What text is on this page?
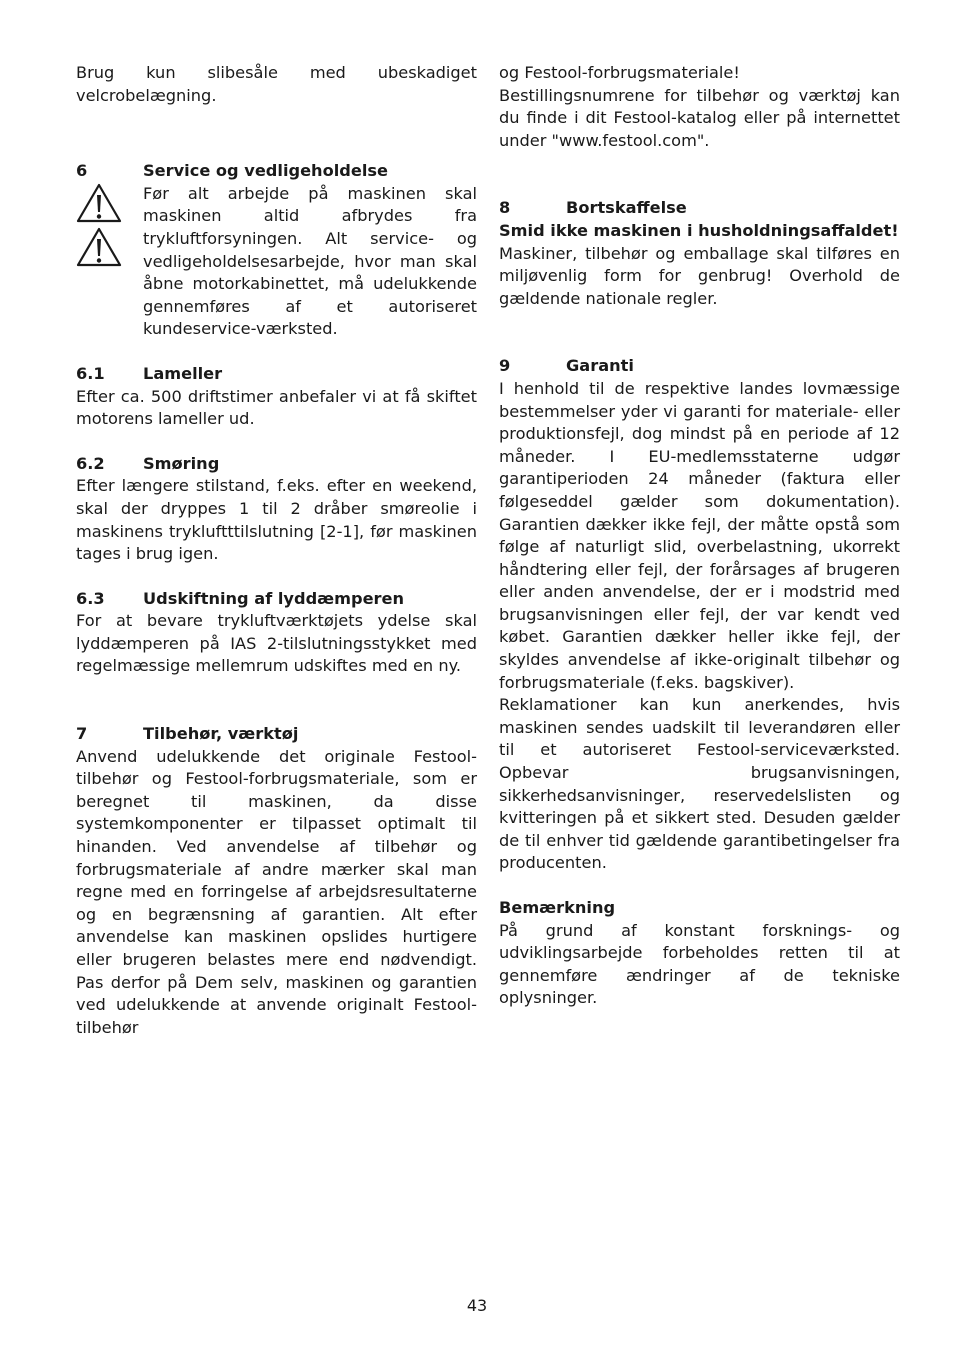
Brug kun slibesåle med ubeskadiget velcrobelægning.

6	Service og vedligeholdelse

Før alt arbejde på maskinen skal maskinen altid afbrydes fra trykluftforsyningen. Alt service- og vedligeholdelsesarbejde, hvor man skal åbne motorkabinettet, må udelukkende gennemføres af et autoriseret kundeservice-værksted.

6.1	Lameller

Efter ca. 500 driftstimer anbefaler vi at få skiftet motorens lameller ud.

6.2	Smøring

Efter længere stilstand, f.eks. efter en weekend, skal der dryppes 1 til 2 dråber smøreolie i maskinens trykluftttilslutning [2-1], før maskinen tages i brug igen.

6.3	Udskiftning af lyddæmperen

For at bevare trykluftværktøjets ydelse skal lyddæmperen på IAS 2-tilslutningsstykket med regelmæssige mellemrum udskiftes med en ny.

7	Tilbehør, værktøj

Anvend udelukkende det originale Festool-tilbehør og Festool-forbrugsmateriale, som er beregnet til maskinen, da disse systemkomponenter er tilpasset optimalt til hinanden. Ved anvendelse af tilbehør og forbrugsmateriale af andre mærker skal man regne med en forringelse af arbejdsresultaterne og en begrænsning af garantien. Alt efter anvendelse kan maskinen opslides hurtigere eller brugeren belastes mere end nødvendigt. Pas derfor på Dem selv, maskinen og garantien ved udelukkende at anvende originalt Festool-tilbehør

og Festool-forbrugsmateriale!

Bestillingsnumrene for tilbehør og værktøj kan du finde i dit Festool-katalog eller på internettet under "www.festool.com".

8	Bortskaffelse

Smid ikke maskinen i husholdningsaffaldet!

Maskiner, tilbehør og emballage skal tilføres en miljøvenlig form for genbrug! Overhold de gældende nationale regler.

9	Garanti

I henhold til de respektive landes lovmæssige bestemmelser yder vi garanti for materiale- eller produktionsfejl, dog mindst på en periode af 12 måneder. I EU-medlemsstaterne udgør garantiperioden 24 måneder (faktura eller følgeseddel gælder som dokumentation). Garantien dækker ikke fejl, der måtte opstå som følge af naturligt slid, overbelastning, ukorrekt håndtering eller fejl, der forårsages af brugeren eller anden anvendelse, der er i modstrid med brugsanvisningen eller fejl, der var kendt ved købet. Garantien dækker heller ikke fejl, der skyldes anvendelse af ikke-originalt tilbehør og forbrugsmateriale (f.eks. bagskiver).

Reklamationer kan kun anerkendes, hvis maskinen sendes uadskilt til leverandøren eller til et autoriseret Festool-serviceværksted. Opbevar brugsanvisningen, sikkerhedsanvisninger, reservedelslisten og kvitteringen på et sikkert sted. Desuden gælder de til enhver tid gældende garantibetingelser fra producenten.

Bemærkning

På grund af konstant forsknings- og udviklingsarbejde forbeholdes retten til at gennemføre ændringer af de tekniske oplysninger.

43
